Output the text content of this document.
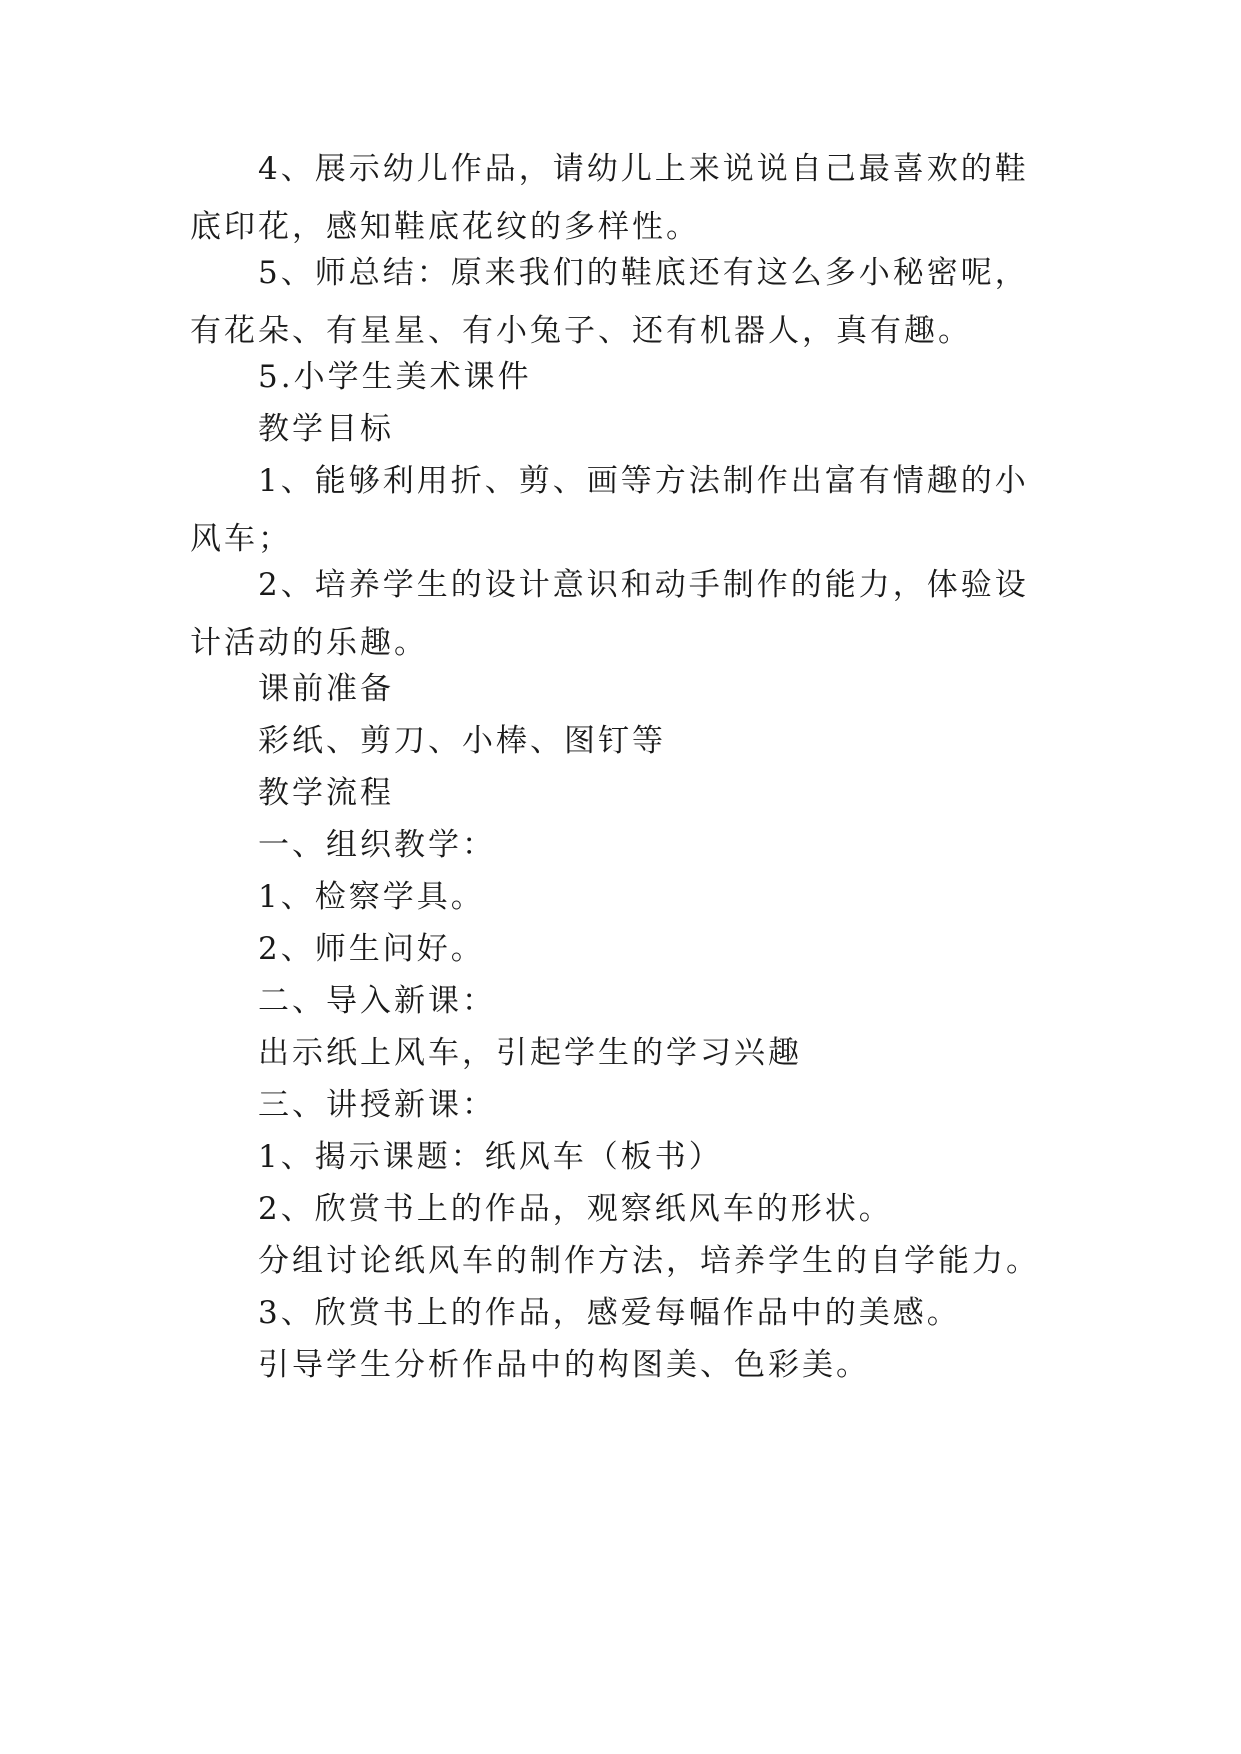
4、展示幼儿作品，请幼儿上来说说自己最喜欢的鞋底印花，感知鞋底花纹的多样性。
5、师总结：原来我们的鞋底还有这么多小秘密呢，有花朵、有星星、有小兔子、还有机器人，真有趣。
5.小学生美术课件
教学目标
1、能够利用折、剪、画等方法制作出富有情趣的小风车；
2、培养学生的设计意识和动手制作的能力，体验设计活动的乐趣。
课前准备
彩纸、剪刀、小棒、图钉等
教学流程
一、组织教学：
1、检察学具。
2、师生问好。
二、导入新课：
出示纸上风车，引起学生的学习兴趣
三、讲授新课：
1、揭示课题：纸风车（板书）
2、欣赏书上的作品，观察纸风车的形状。
分组讨论纸风车的制作方法，培养学生的自学能力。
3、欣赏书上的作品，感爱每幅作品中的美感。
引导学生分析作品中的构图美、色彩美。
